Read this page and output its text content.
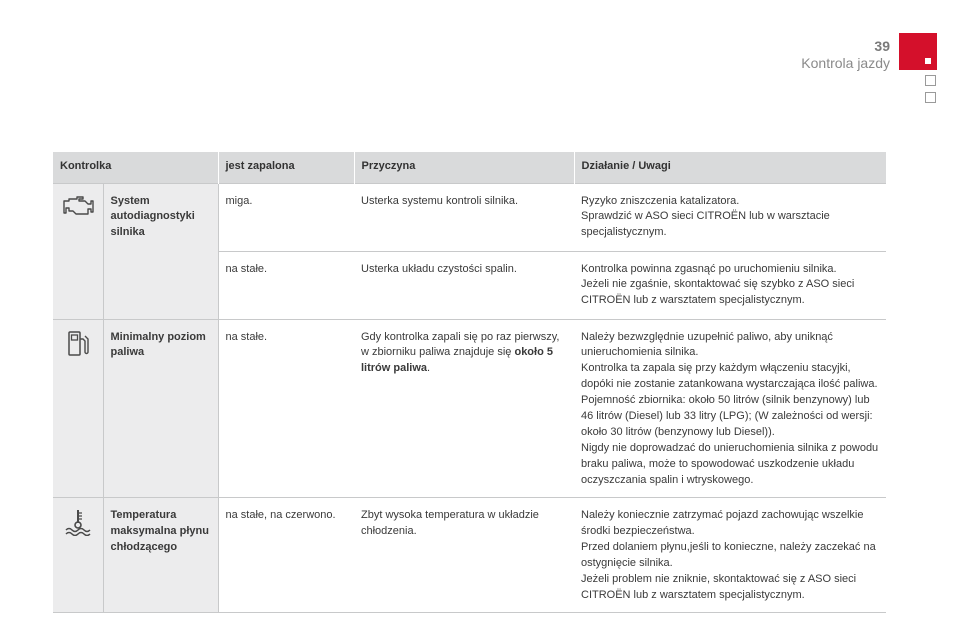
39
Kontrola jazdy
Kontrolka		jest zapalona	Przyczyna	Działanie / Uwagi
	System autodiagnostyki silnika	miga.	Usterka systemu kontroli silnika.	Ryzyko zniszczenia katalizatora.
Sprawdzić w ASO sieci CITROËN lub w warsztacie specjalistycznym.
		na stałe.	Usterka układu czystości spalin.	Kontrolka powinna zgasnąć po uruchomieniu silnika.
Jeżeli nie zgaśnie, skontaktować się szybko z ASO sieci CITROËN lub z warsztatem specjalistycznym.
	Minimalny poziom paliwa	na stałe.	Gdy kontrolka zapali się po raz pierwszy, w zbiorniku paliwa znajduje się około 5 litrów paliwa.	Należy bezwzględnie uzupełnić paliwo, aby uniknąć unieruchomienia silnika.
Kontrolka ta zapala się przy każdym włączeniu stacyjki, dopóki nie zostanie zatankowana wystarczająca ilość paliwa.
Pojemność zbiornika: około 50 litrów (silnik benzynowy) lub 46 litrów (Diesel) lub 33 litry (LPG); (W zależności od wersji: około 30 litrów (benzynowy lub Diesel)).
Nigdy nie doprowadzać do unieruchomienia silnika z powodu braku paliwa, może to spowodować uszkodzenie układu oczyszczania spalin i wtryskowego.
	Temperatura maksymalna płynu chłodzącego	na stałe, na czerwono.	Zbyt wysoka temperatura w układzie chłodzenia.	Należy koniecznie zatrzymać pojazd zachowując wszelkie środki bezpieczeństwa.
Przed dolaniem płynu,jeśli to konieczne, należy zaczekać na ostygnięcie silnika.
Jeżeli problem nie zniknie, skontaktować się z ASO sieci CITROËN lub z warsztatem specjalistycznym.
